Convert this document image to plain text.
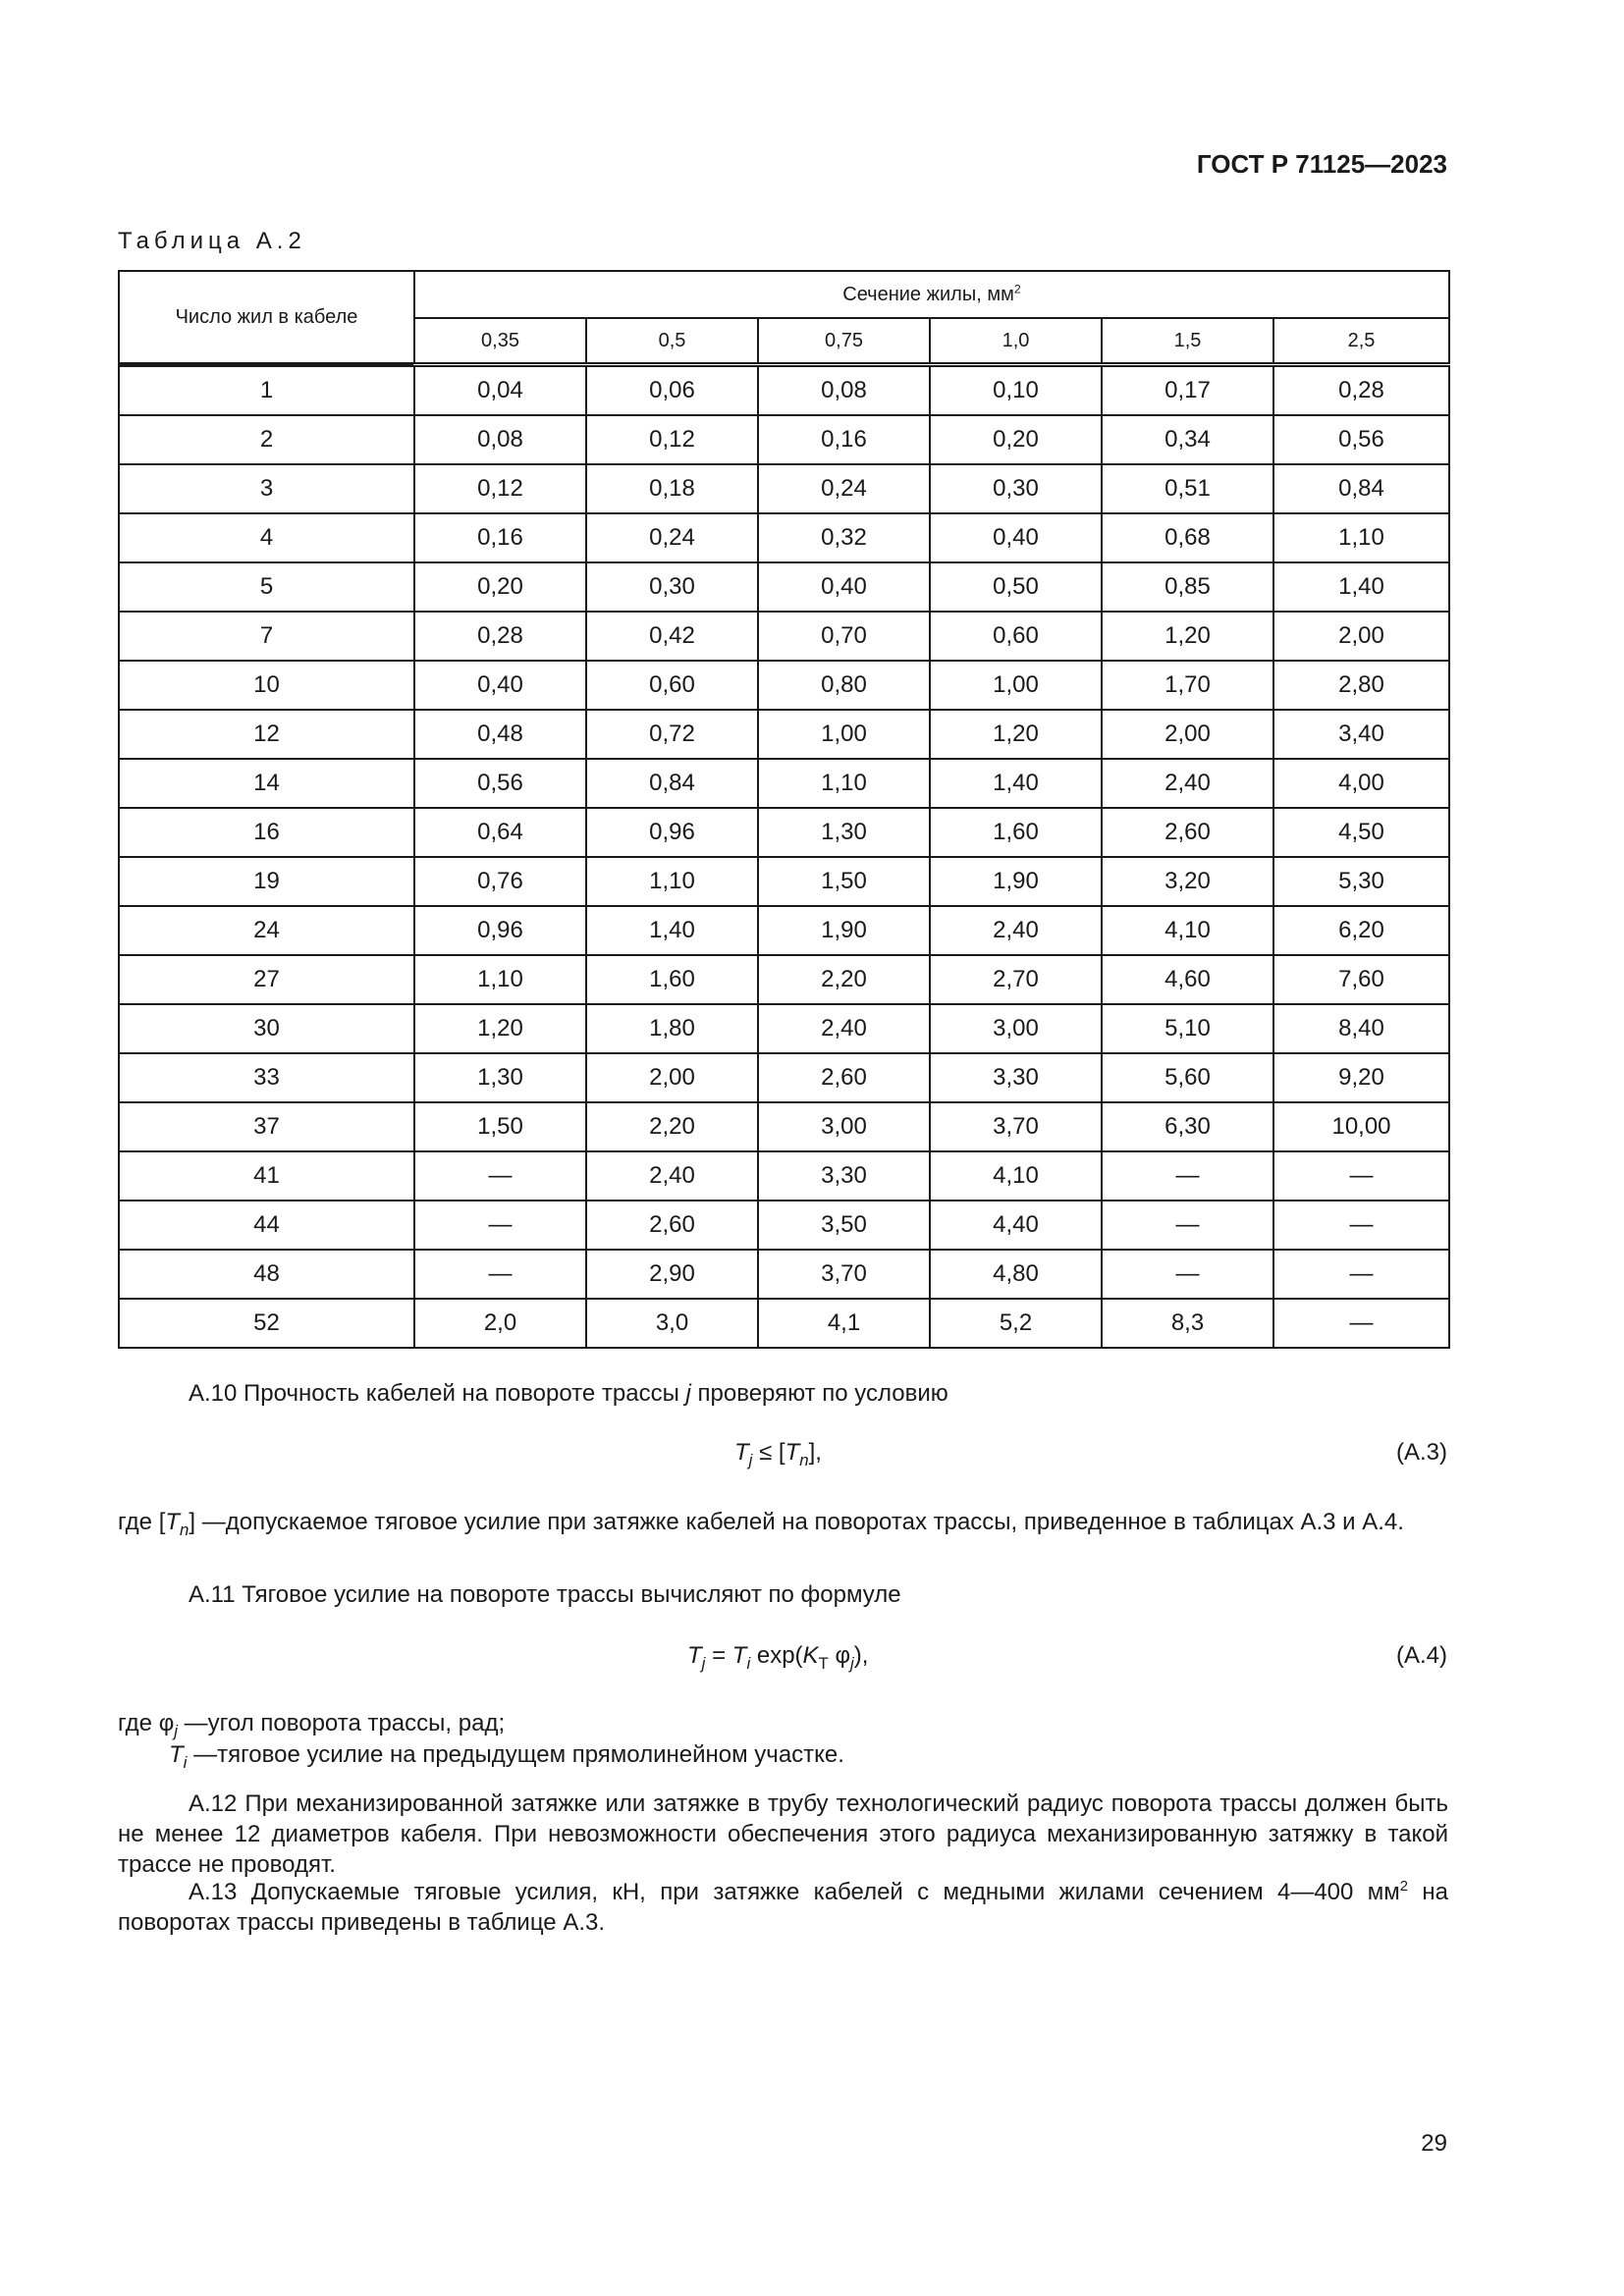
ГОСТ Р 71125—2023
Таблица А.2
Число жил в кабеле	Сечение жилы, $мм^2$
	0,35	0,5	0,75	1,0	1,5	2,5
1	0,04	0,06	0,08	0,10	0,17	0,28
2	0,08	0,12	0,16	0,20	0,34	0,56
3	0,12	0,18	0,24	0,30	0,51	0,84
4	0,16	0,24	0,32	0,40	0,68	1,10
5	0,20	0,30	0,40	0,50	0,85	1,40
7	0,28	0,42	0,70	0,60	1,20	2,00
10	0,40	0,60	0,80	1,00	1,70	2,80
12	0,48	0,72	1,00	1,20	2,00	3,40
14	0,56	0,84	1,10	1,40	2,40	4,00
16	0,64	0,96	1,30	1,60	2,60	4,50
19	0,76	1,10	1,50	1,90	3,20	5,30
24	0,96	1,40	1,90	2,40	4,10	6,20
27	1,10	1,60	2,20	2,70	4,60	7,60
30	1,20	1,80	2,40	3,00	5,10	8,40
33	1,30	2,00	2,60	3,30	5,60	9,20
37	1,50	2,20	3,00	3,70	6,30	10,00
41	—	2,40	3,30	4,10	—	—
44	—	2,60	3,50	4,40	—	—
48	—	2,90	3,70	4,80	—	—
52	2,0	3,0	4,1	5,2	8,3	—
А.10 Прочность кабелей на повороте трассы j проверяют по условию
$T_j \le [T_n]$,	(А.3)
где $[T_n]$ — допускаемое тяговое усилие при затяжке кабелей на поворотах трассы, приведенное в таблицах А.3 и А.4.
А.11 Тяговое усилие на повороте трассы вычисляют по формуле
$T_j = T_i$ $\exp(K_T$ $\varphi_j$),	(А.4)
где $\varphi_j$ — угол поворота трассы, рад;
$T_i$ — тяговое усилие на предыдущем прямолинейном участке.
А.12 При механизированной затяжке или затяжке в трубу технологический радиус поворота трассы должен быть не менее 12 диаметров кабеля. При невозможности обеспечения этого радиуса механизированную затяжку в такой трассе не проводят.
А.13 Допускаемые тяговые усилия, кН, при затяжке кабелей с медными жилами сечением 4—400 $мм^2$ на поворотах трассы приведены в таблице А.3.
29
